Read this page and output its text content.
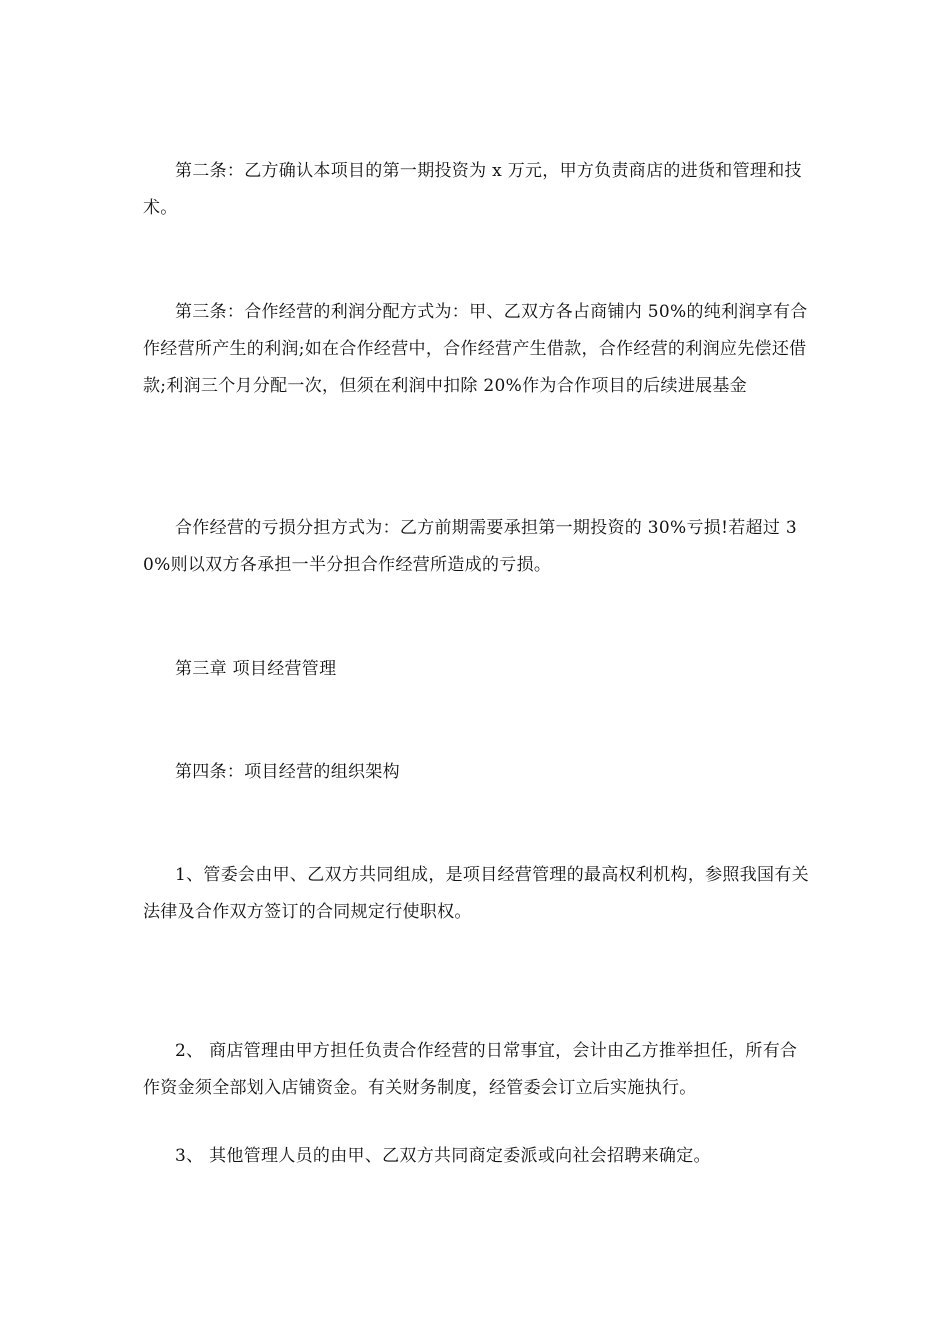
第二条：乙方确认本项目的第一期投资为 x 万元，甲方负责商店的进货和管理和技术。

第三条：合作经营的利润分配方式为：甲、乙双方各占商铺内 50%的纯利润享有合作经营所产生的利润;如在合作经营中，合作经营产生借款，合作经营的利润应先偿还借款;利润三个月分配一次，但须在利润中扣除 20%作为合作项目的后续进展基金

合作经营的亏损分担方式为：乙方前期需要承担第一期投资的 30%亏损!若超过 30%则以双方各承担一半分担合作经营所造成的亏损。

第三章 项目经营管理

第四条：项目经营的组织架构

1、管委会由甲、乙双方共同组成，是项目经营管理的最高权利机构，参照我国有关法律及合作双方签订的合同规定行使职权。

2、 商店管理由甲方担任负责合作经营的日常事宜，会计由乙方推举担任，所有合作资金须全部划入店铺资金。有关财务制度，经管委会订立后实施执行。

3、 其他管理人员的由甲、乙双方共同商定委派或向社会招聘来确定。
